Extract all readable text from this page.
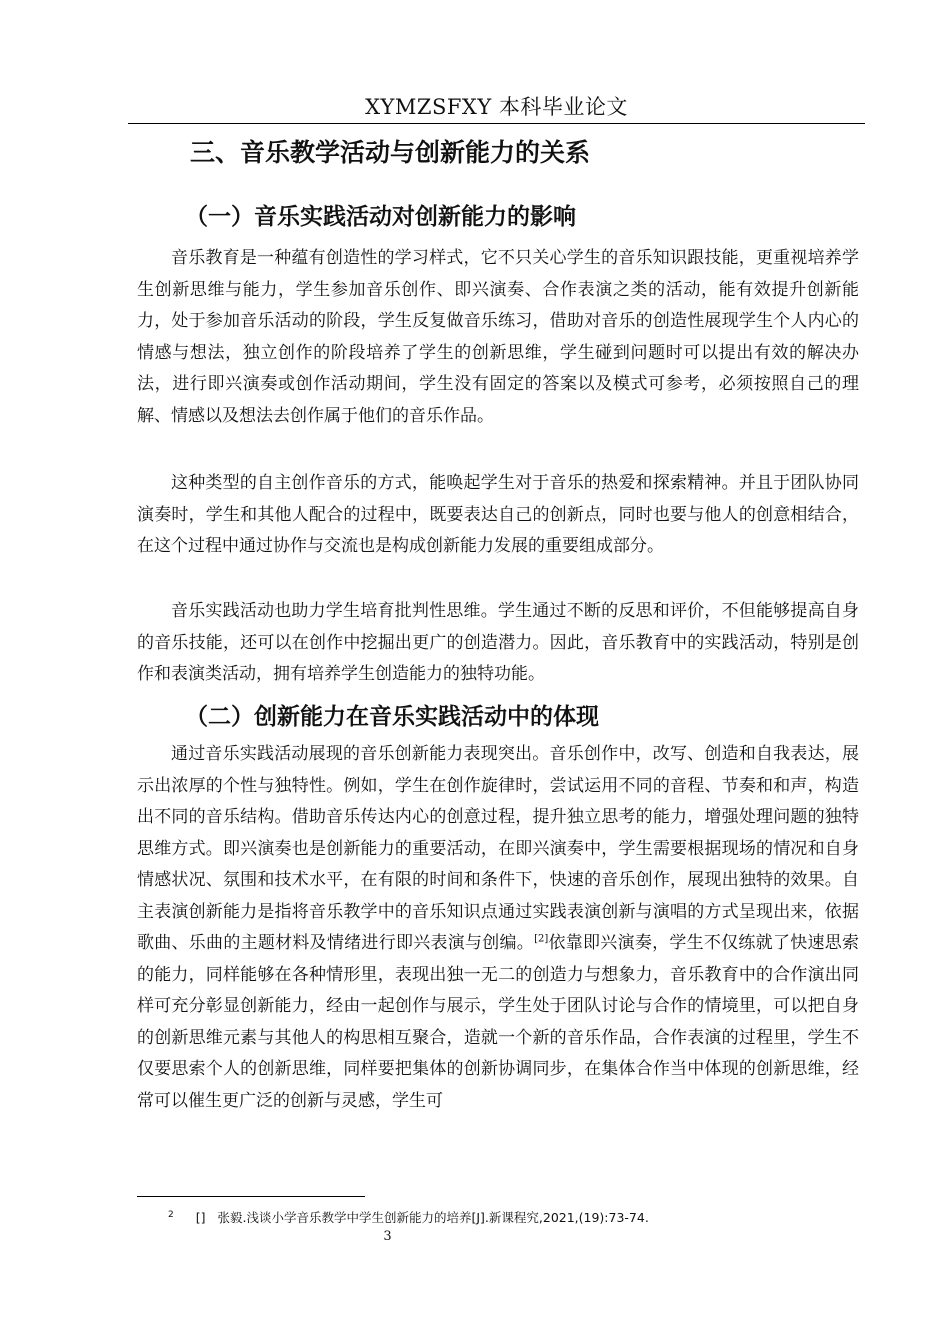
XYMZSFXY 本科毕业论文
三、音乐教学活动与创新能力的关系
（一）音乐实践活动对创新能力的影响

音乐教育是一种蕴有创造性的学习样式，它不只关心学生的音乐知识跟技能，更重视培养学生创新思维与能力，学生参加音乐创作、即兴演奏、合作表演之类的活动，能有效提升创新能力，处于参加音乐活动的阶段，学生反复做音乐练习，借助对音乐的创造性展现学生个人内心的情感与想法，独立创作的阶段培养了学生的创新思维，学生碰到问题时可以提出有效的解决办法，进行即兴演奏或创作活动期间，学生没有固定的答案以及模式可参考，必须按照自己的理解、情感以及想法去创作属于他们的音乐作品。

这种类型的自主创作音乐的方式，能唤起学生对于音乐的热爱和探索精神。并且于团队协同演奏时，学生和其他人配合的过程中，既要表达自己的创新点，同时也要与他人的创意相结合，在这个过程中通过协作与交流也是构成创新能力发展的重要组成部分。

音乐实践活动也助力学生培育批判性思维。学生通过不断的反思和评价，不但能够提高自身的音乐技能，还可以在创作中挖掘出更广的创造潜力。因此，音乐教育中的实践活动，特别是创作和表演类活动，拥有培养学生创造能力的独特功能。

（二）创新能力在音乐实践活动中的体现

通过音乐实践活动展现的音乐创新能力表现突出。音乐创作中，改写、创造和自我表达，展示出浓厚的个性与独特性。例如，学生在创作旋律时，尝试运用不同的音程、节奏和和声，构造出不同的音乐结构。借助音乐传达内心的创意过程，提升独立思考的能力，增强处理问题的独特思维方式。即兴演奏也是创新能力的重要活动，在即兴演奏中，学生需要根据现场的情况和自身情感状况、氛围和技术水平，在有限的时间和条件下，快速的音乐创作，展现出独特的效果。自主表演创新能力是指将音乐教学中的音乐知识点通过实践表演创新与演唱的方式呈现出来，依据歌曲、乐曲的主题材料及情绪进行即兴表演与创编。[2]依靠即兴演奏，学生不仅练就了快速思索的能力，同样能够在各种情形里，表现出独一无二的创造力与想象力，音乐教育中的合作演出同样可充分彰显创新能力，经由一起创作与展示，学生处于团队讨论与合作的情境里，可以把自身的创新思维元素与其他人的构思相互聚合，造就一个新的音乐作品，合作表演的过程里，学生不仅要思索个人的创新思维，同样要把集体的创新协调同步，在集体合作当中体现的创新思维，经常可以催生更广泛的创新与灵感，学生可

$^2$ [] 张毅.浅谈小学音乐教学中学生创新能力的培养[J].新课程究,2021,(19):73-74.
3
